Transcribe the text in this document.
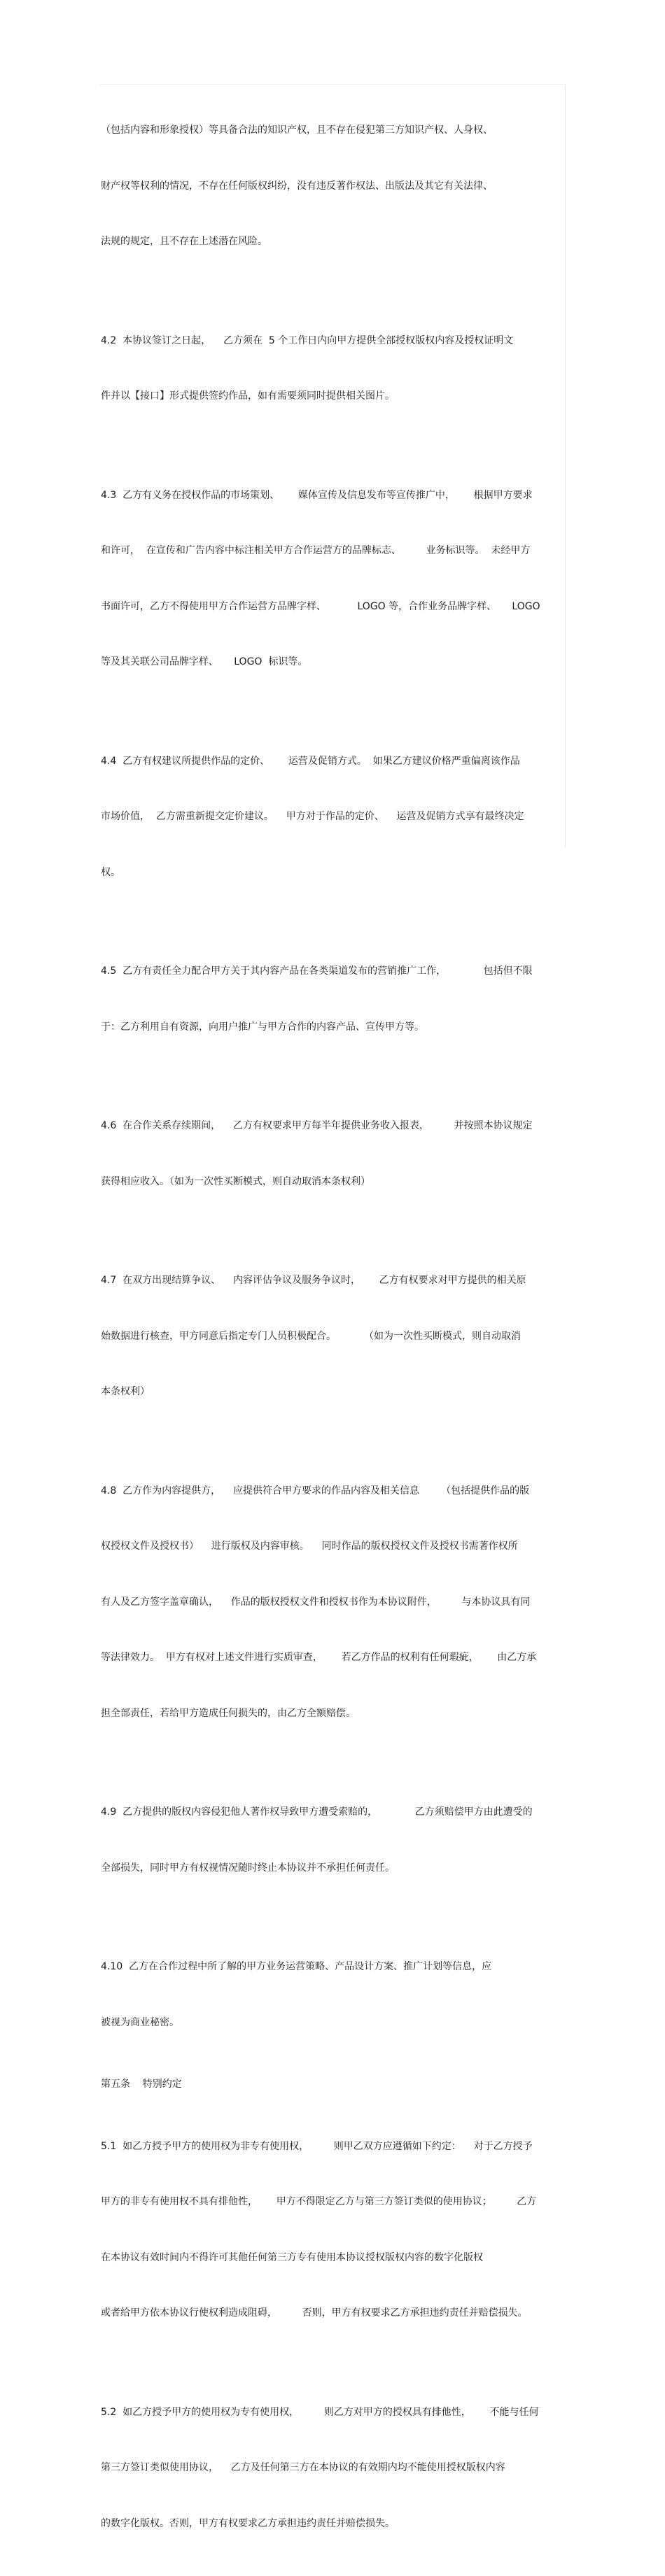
（包括内容和形象授权）等具备合法的知识产权，且不存在侵犯第三方知识产权、人身权、

财产权等权利的情况，不存在任何版权纠纷，没有违反著作权法、出版法及其它有关法律、

法规的规定，且不存在上述潜在风险。

4.2  本协议签订之日起，    乙方须在  5 个工作日内向甲方提供全部授权版权内容及授权证明文

件并以【接口】形式提供签约作品，如有需要须同时提供相关图片。

4.3  乙方有义务在授权作品的市场策划、      媒体宣传及信息发布等宣传推广中，      根据甲方要求

和许可，  在宣传和广告内容中标注相关甲方合作运营方的品牌标志、        业务标识等。  未经甲方

书面许可，乙方不得使用甲方合作运营方品牌字样、          LOGO 等，合作业务品牌字样、     LOGO

等及其关联公司品牌字样、     LOGO  标识等。

4.4  乙方有权建议所提供作品的定价、      运营及促销方式。  如果乙方建议价格严重偏离该作品

市场价值，  乙方需重新提交定价建议。    甲方对于作品的定价、    运营及促销方式享有最终决定

权。

4.5  乙方有责任全力配合甲方关于其内容产品在各类渠道发布的营销推广工作，            包括但不限

于：乙方利用自有资源，向用户推广与甲方合作的内容产品、宣传甲方等。

4.6  在合作关系存续期间，    乙方有权要求甲方每半年提供业务收入报表，        并按照本协议规定

获得相应收入。（如为一次性买断模式，则自动取消本条权利）

4.7  在双方出现结算争议、    内容评估争议及服务争议时，      乙方有权要求对甲方提供的相关原

始数据进行核查，甲方同意后指定专门人员积极配合。         （如为一次性买断模式，则自动取消

本条权利）

4.8  乙方作为内容提供方，    应提供符合甲方要求的作品内容及相关信息       （包括提供作品的版

权授权文件及授权书）    进行版权及内容审核。    同时作品的版权授权文件及授权书需著作权所

有人及乙方签字盖章确认，    作品的版权授权文件和授权书作为本协议附件，        与本协议具有同

等法律效力。  甲方有权对上述文件进行实质审查，      若乙方作品的权利有任何瑕疵，      由乙方承

担全部责任，若给甲方造成任何损失的，由乙方全额赔偿。

4.9  乙方提供的版权内容侵犯他人著作权导致甲方遭受索赔的，            乙方须赔偿甲方由此遭受的

全部损失，同时甲方有权视情况随时终止本协议并不承担任何责任。

4.10  乙方在合作过程中所了解的甲方业务运营策略、产品设计方案、推广计划等信息，应

被视为商业秘密。

第五条    特别约定

5.1  如乙方授予甲方的使用权为非专有使用权，        则甲乙双方应遵循如下约定：    对于乙方授予

甲方的非专有使用权不具有排他性，      甲方不得限定乙方与第三方签订类似的使用协议；        乙方

在本协议有效时间内不得许可其他任何第三方专有使用本协议授权版权内容的数字化版权

或者给甲方依本协议行使权利造成阻碍，        否则，甲方有权要求乙方承担违约责任并赔偿损失。

5.2  如乙方授予甲方的使用权为专有使用权，        则乙方对甲方的授权具有排他性，      不能与任何

第三方签订类似使用协议，    乙方及任何第三方在本协议的有效期内均不能使用授权版权内容

的数字化版权。否则，甲方有权要求乙方承担违约责任并赔偿损失。
